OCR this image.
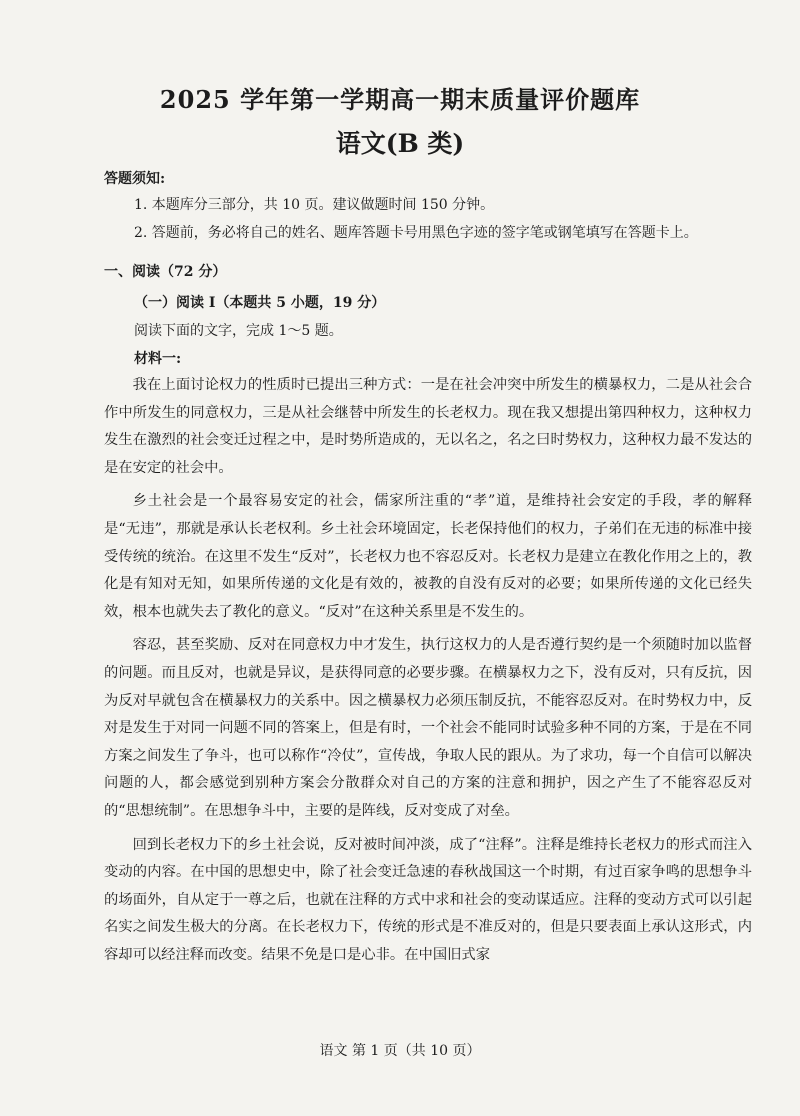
2025 学年第一学期高一期末质量评价题库
语文(B 类)
答题须知:
1. 本题库分三部分，共 10 页。建议做题时间 150 分钟。
2. 答题前，务必将自己的姓名、题库答题卡号用黑色字迹的签字笔或钢笔填写在答题卡上。
一、阅读（72 分）
（一）阅读 I（本题共 5 小题，19 分）
阅读下面的文字，完成 1～5 题。
材料一:

我在上面讨论权力的性质时已提出三种方式：一是在社会冲突中所发生的横暴权力，二是从社会合作中所发生的同意权力，三是从社会继替中所发生的长老权力。现在我又想提出第四种权力，这种权力发生在激烈的社会变迁过程之中，是时势所造成的，无以名之，名之曰时势权力，这种权力最不发达的是在安定的社会中。

乡土社会是一个最容易安定的社会，儒家所注重的“孝”道，是维持社会安定的手段，孝的解释是“无违”，那就是承认长老权利。乡土社会环境固定，长老保持他们的权力，子弟们在无违的标准中接受传统的统治。在这里不发生“反对”，长老权力也不容忍反对。长老权力是建立在教化作用之上的，教化是有知对无知，如果所传递的文化是有效的，被教的自没有反对的必要；如果所传递的文化已经失效，根本也就失去了教化的意义。“反对”在这种关系里是不发生的。

容忍，甚至奖励、反对在同意权力中才发生，执行这权力的人是否遵行契约是一个须随时加以监督的问题。而且反对，也就是异议，是获得同意的必要步骤。在横暴权力之下，没有反对，只有反抗，因为反对早就包含在横暴权力的关系中。因之横暴权力必须压制反抗，不能容忍反对。在时势权力中，反对是发生于对同一问题不同的答案上，但是有时，一个社会不能同时试验多种不同的方案，于是在不同方案之间发生了争斗，也可以称作“冷仗”，宣传战，争取人民的跟从。为了求功，每一个自信可以解决问题的人，都会感觉到别种方案会分散群众对自己的方案的注意和拥护，因之产生了不能容忍反对的“思想统制”。在思想争斗中，主要的是阵线，反对变成了对垒。

回到长老权力下的乡土社会说，反对被时间冲淡，成了“注释”。注释是维持长老权力的形式而注入变动的内容。在中国的思想史中，除了社会变迁急速的春秋战国这一个时期，有过百家争鸣的思想争斗的场面外，自从定于一尊之后，也就在注释的方式中求和社会的变动谋适应。注释的变动方式可以引起名实之间发生极大的分离。在长老权力下，传统的形式是不准反对的，但是只要表面上承认这形式，内容却可以经注释而改变。结果不免是口是心非。在中国旧式家

语文 第 1 页（共 10 页）
